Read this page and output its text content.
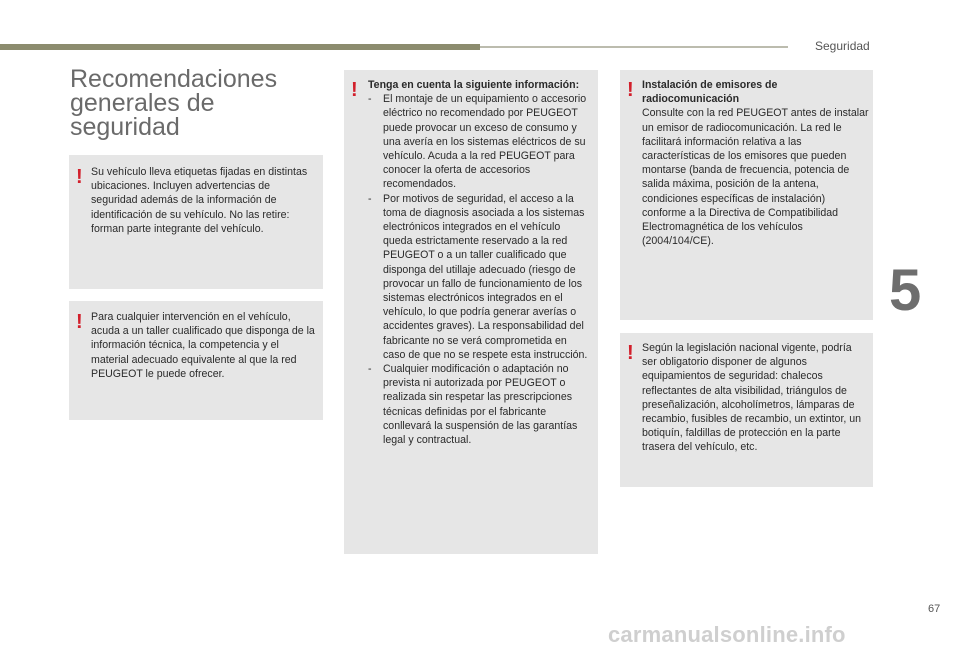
Seguridad
Recomendaciones generales de seguridad
! Su vehículo lleva etiquetas fijadas en distintas ubicaciones. Incluyen advertencias de seguridad además de la información de identificación de su vehículo. No las retire: forman parte integrante del vehículo.

! Para cualquier intervención en el vehículo, acuda a un taller cualificado que disponga de la información técnica, la competencia y el material adecuado equivalente al que la red PEUGEOT le puede ofrecer.

! Tenga en cuenta la siguiente información:

- El montaje de un equipamiento o accesorio eléctrico no recomendado por PEUGEOT puede provocar un exceso de consumo y una avería en los sistemas eléctricos de su vehículo. Acuda a la red PEUGEOT para conocer la oferta de accesorios recomendados.
- Por motivos de seguridad, el acceso a la toma de diagnosis asociada a los sistemas electrónicos integrados en el vehículo queda estrictamente reservado a la red PEUGEOT o a un taller cualificado que disponga del utillaje adecuado (riesgo de provocar un fallo de funcionamiento de los sistemas electrónicos integrados en el vehículo, lo que podría generar averías o accidentes graves). La responsabilidad del fabricante no se verá comprometida en caso de que no se respete esta instrucción.
- Cualquier modificación o adaptación no prevista ni autorizada por PEUGEOT o realizada sin respetar las prescripciones técnicas definidas por el fabricante conllevará la suspensión de las garantías legal y contractual.
! Instalación de emisores de radiocomunicación

Consulte con la red PEUGEOT antes de instalar un emisor de radiocomunicación. La red le facilitará información relativa a las características de los emisores que pueden montarse (banda de frecuencia, potencia de salida máxima, posición de la antena, condiciones específicas de instalación) conforme a la Directiva de Compatibilidad Electromagnética de los vehículos (2004/104/CE).

! Según la legislación nacional vigente, podría ser obligatorio disponer de algunos equipamientos de seguridad: chalecos reflectantes de alta visibilidad, triángulos de preseñalización, alcoholímetros, lámparas de recambio, fusibles de recambio, un extintor, un botiquín, faldillas de protección en la parte trasera del vehículo, etc.

5
67
carmanualsonline.info
